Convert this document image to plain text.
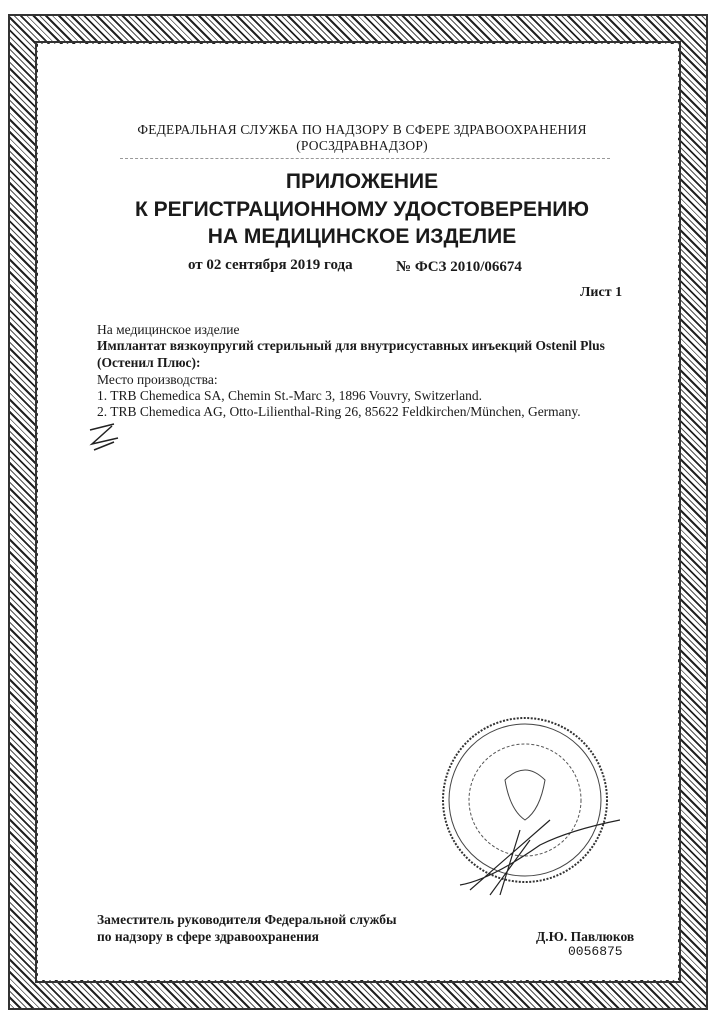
ФЕДЕРАЛЬНАЯ СЛУЖБА ПО НАДЗОРУ В СФЕРЕ ЗДРАВООХРАНЕНИЯ
(РОСЗДРАВНАДЗОР)
ПРИЛОЖЕНИЕ
К РЕГИСТРАЦИОННОМУ УДОСТОВЕРЕНИЮ
НА МЕДИЦИНСКОЕ ИЗДЕЛИЕ
от 02 сентября 2019 года	№ ФСЗ 2010/06674
Лист 1
На медицинское изделие
Имплантат вязкоупругий стерильный для внутрисуставных инъекций Ostenil Plus
(Остенил Плюс):
Место производства:
1. TRB Chemedica SA, Chemin St.-Marc 3, 1896 Vouvry, Switzerland.
2. TRB Chemedica AG, Otto-Lilienthal-Ring 26, 85622 Feldkirchen/München, Germany.
Заместитель руководителя Федеральной службы
по надзору в сфере здравоохранения	Д.Ю. Павлюков
0056875
